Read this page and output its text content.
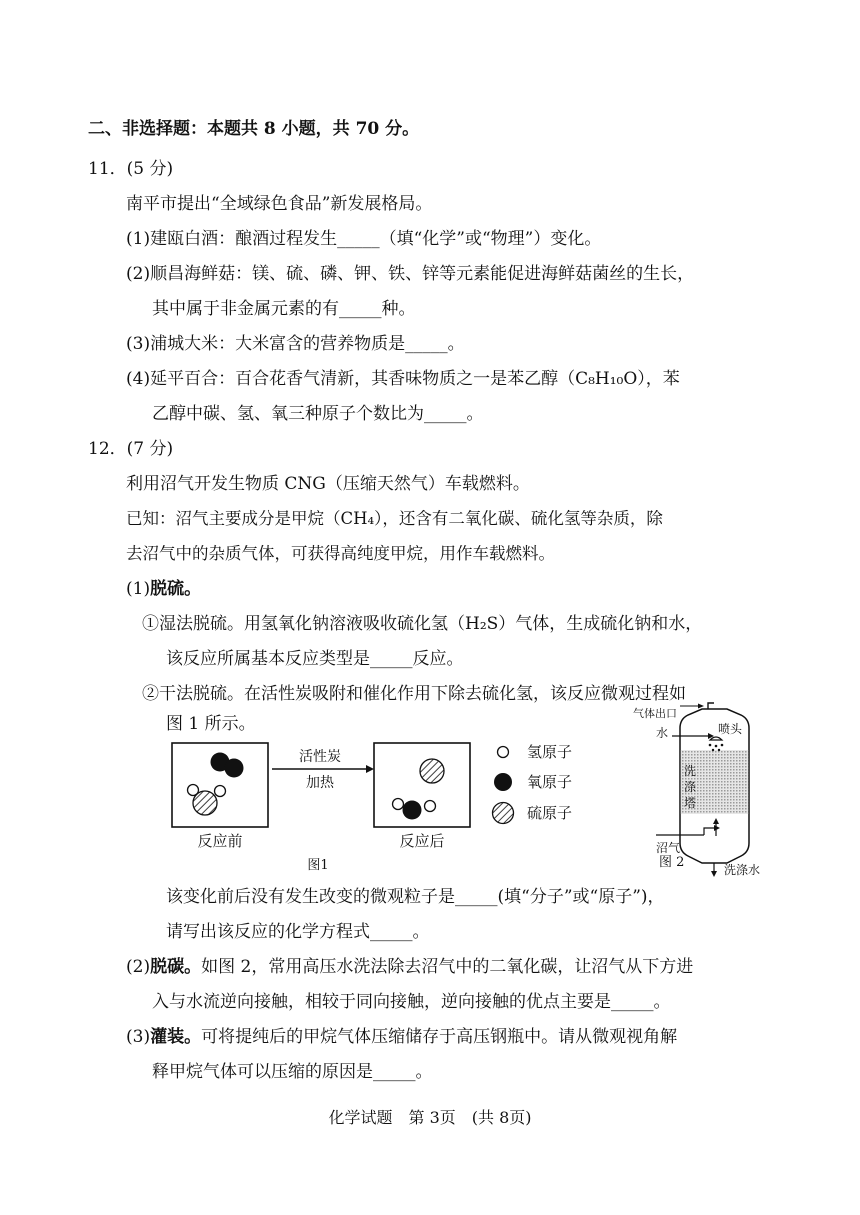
二、非选择题：本题共 8 小题，共 70 分。
11．(5 分)
南平市提出“全域绿色食品”新发展格局。
(1)建瓯白酒：酿酒过程发生_____（填“化学”或“物理”）变化。
(2)顺昌海鲜菇：镁、硫、磷、钾、铁、锌等元素能促进海鲜菇菌丝的生长，
其中属于非金属元素的有_____种。
(3)浦城大米：大米富含的营养物质是_____。
(4)延平百合：百合花香气清新，其香味物质之一是苯乙醇（C₈H₁₀O），苯
乙醇中碳、氢、氧三种原子个数比为_____。
12．(7 分)
利用沼气开发生物质 CNG（压缩天然气）车载燃料。
已知：沼气主要成分是甲烷（CH₄），还含有二氧化碳、硫化氢等杂质，除
去沼气中的杂质气体，可获得高纯度甲烷，用作车载燃料。
(1)脱硫。
①湿法脱硫。用氢氧化钠溶液吸收硫化氢（H₂S）气体，生成硫化钠和水，
该反应所属基本反应类型是_____反应。
②干法脱硫。在活性炭吸附和催化作用下除去硫化氢，该反应微观过程如
图 1 所示。
反应前
活性炭
加热
反应后
氢原子
氧原子
硫原子
图1
气体出口
水	喷头
洗
涤
塔
沼气
洗涤水
图 2
该变化前后没有发生改变的微观粒子是_____(填“分子”或“原子”)，
请写出该反应的化学方程式_____。
(2)脱碳。如图 2，常用高压水洗法除去沼气中的二氧化碳，让沼气从下方进
入与水流逆向接触，相较于同向接触，逆向接触的优点主要是_____。
(3)灌装。可将提纯后的甲烷气体压缩储存于高压钢瓶中。请从微观视角解
释甲烷气体可以压缩的原因是_____。
化学试题　第 3页　(共 8页)
